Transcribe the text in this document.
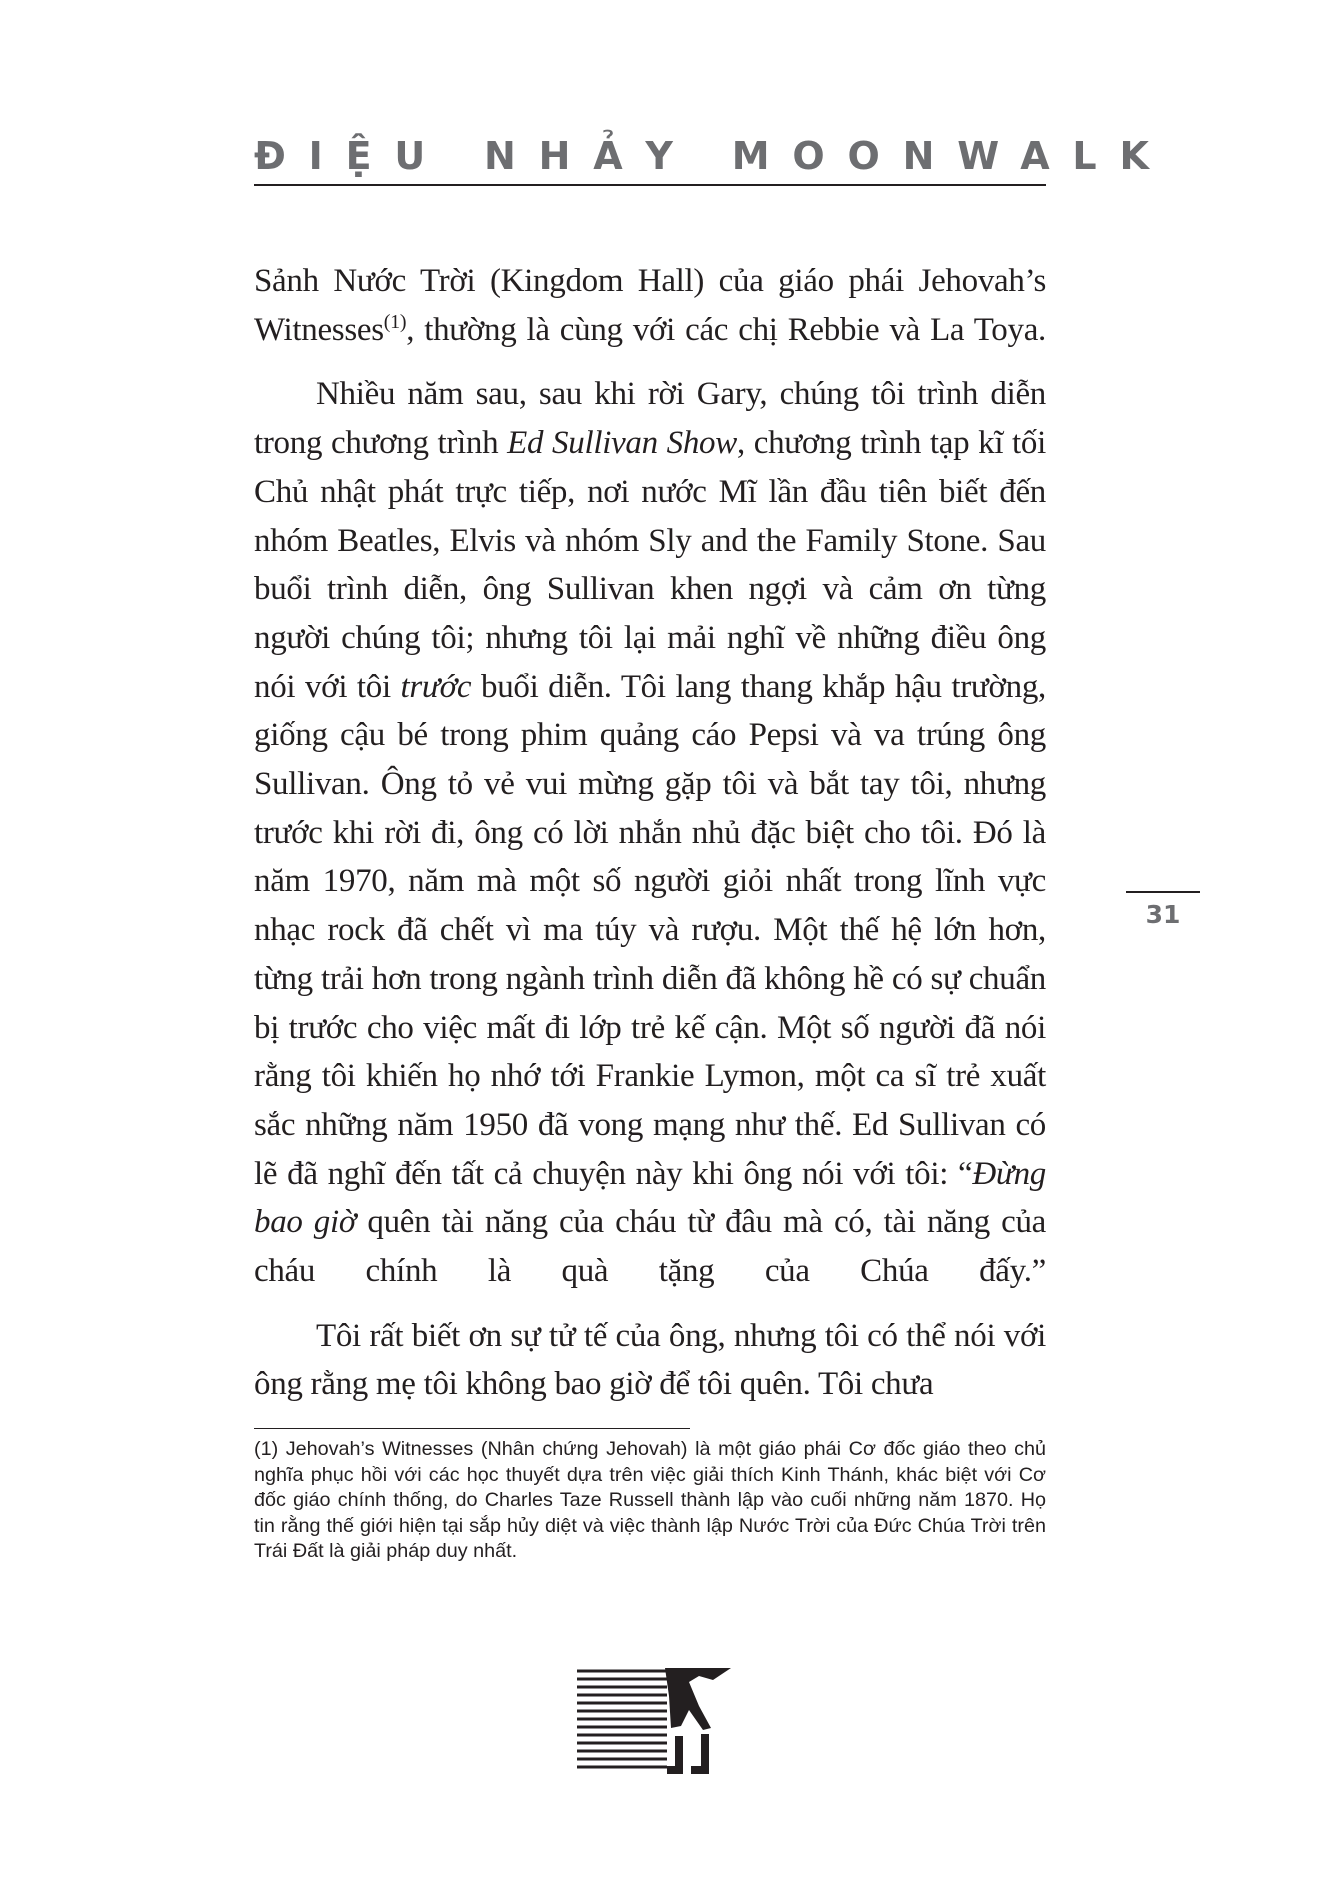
ĐIỆU NHẢY MOONWALK

Sảnh Nước Trời (Kingdom Hall) của giáo phái Jehovah’s Witnesses$^{(1)}$, thường là cùng với các chị Rebbie và La Toya.

Nhiều năm sau, sau khi rời Gary, chúng tôi trình diễn trong chương trình Ed Sullivan Show, chương trình tạp kĩ tối Chủ nhật phát trực tiếp, nơi nước Mĩ lần đầu tiên biết đến nhóm Beatles, Elvis và nhóm Sly and the Family Stone. Sau buổi trình diễn, ông Sullivan khen ngợi và cảm ơn từng người chúng tôi; nhưng tôi lại mải nghĩ về những điều ông nói với tôi trước buổi diễn. Tôi lang thang khắp hậu trường, giống cậu bé trong phim quảng cáo Pepsi và va trúng ông Sullivan. Ông tỏ vẻ vui mừng gặp tôi và bắt tay tôi, nhưng trước khi rời đi, ông có lời nhắn nhủ đặc biệt cho tôi. Đó là năm 1970, năm mà một số người giỏi nhất trong lĩnh vực nhạc rock đã chết vì ma túy và rượu. Một thế hệ lớn hơn, từng trải hơn trong ngành trình diễn đã không hề có sự chuẩn bị trước cho việc mất đi lớp trẻ kế cận. Một số người đã nói rằng tôi khiến họ nhớ tới Frankie Lymon, một ca sĩ trẻ xuất sắc những năm 1950 đã vong mạng như thế. Ed Sullivan có lẽ đã nghĩ đến tất cả chuyện này khi ông nói với tôi: “Đừng bao giờ quên tài năng của cháu từ đâu mà có, tài năng của cháu chính là quà tặng của Chúa đấy.”

Tôi rất biết ơn sự tử tế của ông, nhưng tôi có thể nói với ông rằng mẹ tôi không bao giờ để tôi quên. Tôi chưa

31

(1) Jehovah’s Witnesses (Nhân chứng Jehovah) là một giáo phái Cơ đốc giáo theo chủ nghĩa phục hồi với các học thuyết dựa trên việc giải thích Kinh Thánh, khác biệt với Cơ đốc giáo chính thống, do Charles Taze Russell thành lập vào cuối những năm 1870. Họ tin rằng thế giới hiện tại sắp hủy diệt và việc thành lập Nước Trời của Đức Chúa Trời trên Trái Đất là giải pháp duy nhất.
